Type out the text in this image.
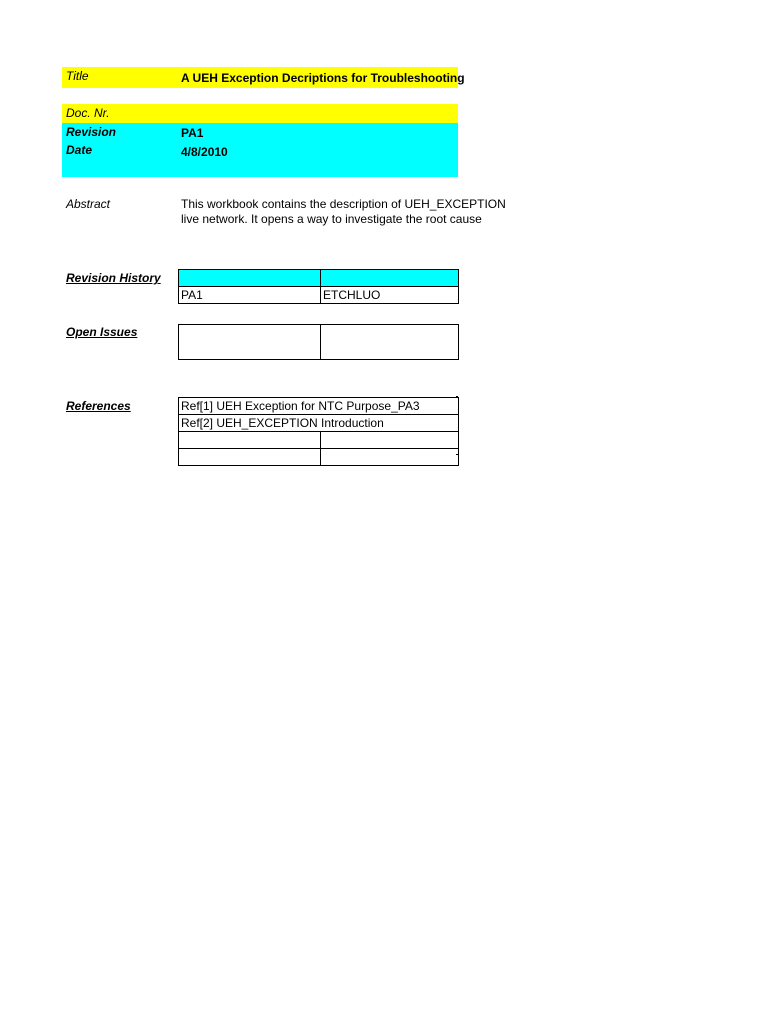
Title	A UEH Exception Decriptions for Troubleshooting
Doc. Nr.
Revision	PA1
Date	4/8/2010
Abstract	This workbook contains the description of UEH_EXCEPTION
live network. It opens a way to investigate the root cause
Revision History

PA1	ETCHLUO
Open Issues

References	Ref[1] UEH Exception for NTC Purpose_PA3	
Ref[2] UEH_EXCEPTION Introduction	
